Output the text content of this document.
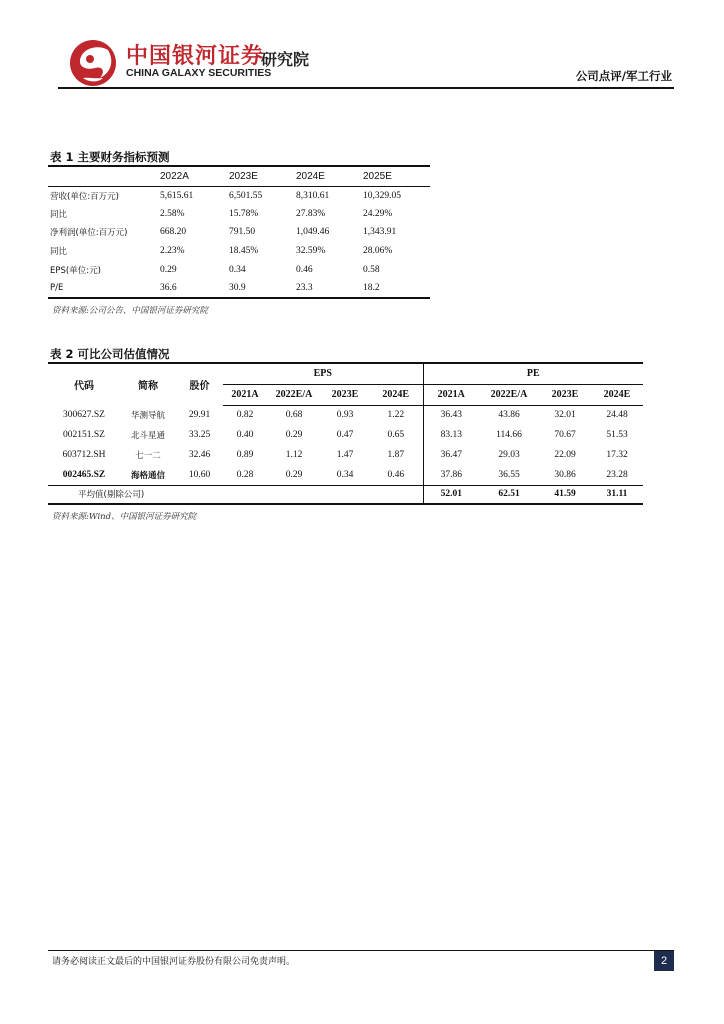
中国银河证券
CHINA GALAXY SECURITIES
研究院
公司点评/军工行业
表 1 主要财务指标预测
	2022A	2023E	2024E	2025E
营收(单位:百万元)	5,615.61	6,501.55	8,310.61	10,329.05
同比	2.58%	15.78%	27.83%	24.29%
净利润(单位:百万元)	668.20	791.50	1,049.46	1,343.91
同比	2.23%	18.45%	32.59%	28.06%
EPS(单位:元)	0.29	0.34	0.46	0.58
P/E	36.6	30.9	23.3	18.2
资料来源:公司公告、中国银河证券研究院
表 2 可比公司估值情况
代码	简称	股价	EPS				PE			
			2021A	2022E/A	2023E	2024E	2021A	2022E/A	2023E	2024E
300627.SZ	华测导航	29.91	0.82	0.68	0.93	1.22	36.43	43.86	32.01	24.48
002151.SZ	北斗星通	33.25	0.40	0.29	0.47	0.65	83.13	114.66	70.67	51.53
603712.SH	七一二	32.46	0.89	1.12	1.47	1.87	36.47	29.03	22.09	17.32
002465.SZ	海格通信	10.60	0.28	0.29	0.34	0.46	37.86	36.55	30.86	23.28
平均值(剔除公司)							52.01	62.51	41.59	31.11
资料来源:Wind、中国银河证券研究院
请务必阅读正文最后的中国银河证券股份有限公司免责声明。	2
